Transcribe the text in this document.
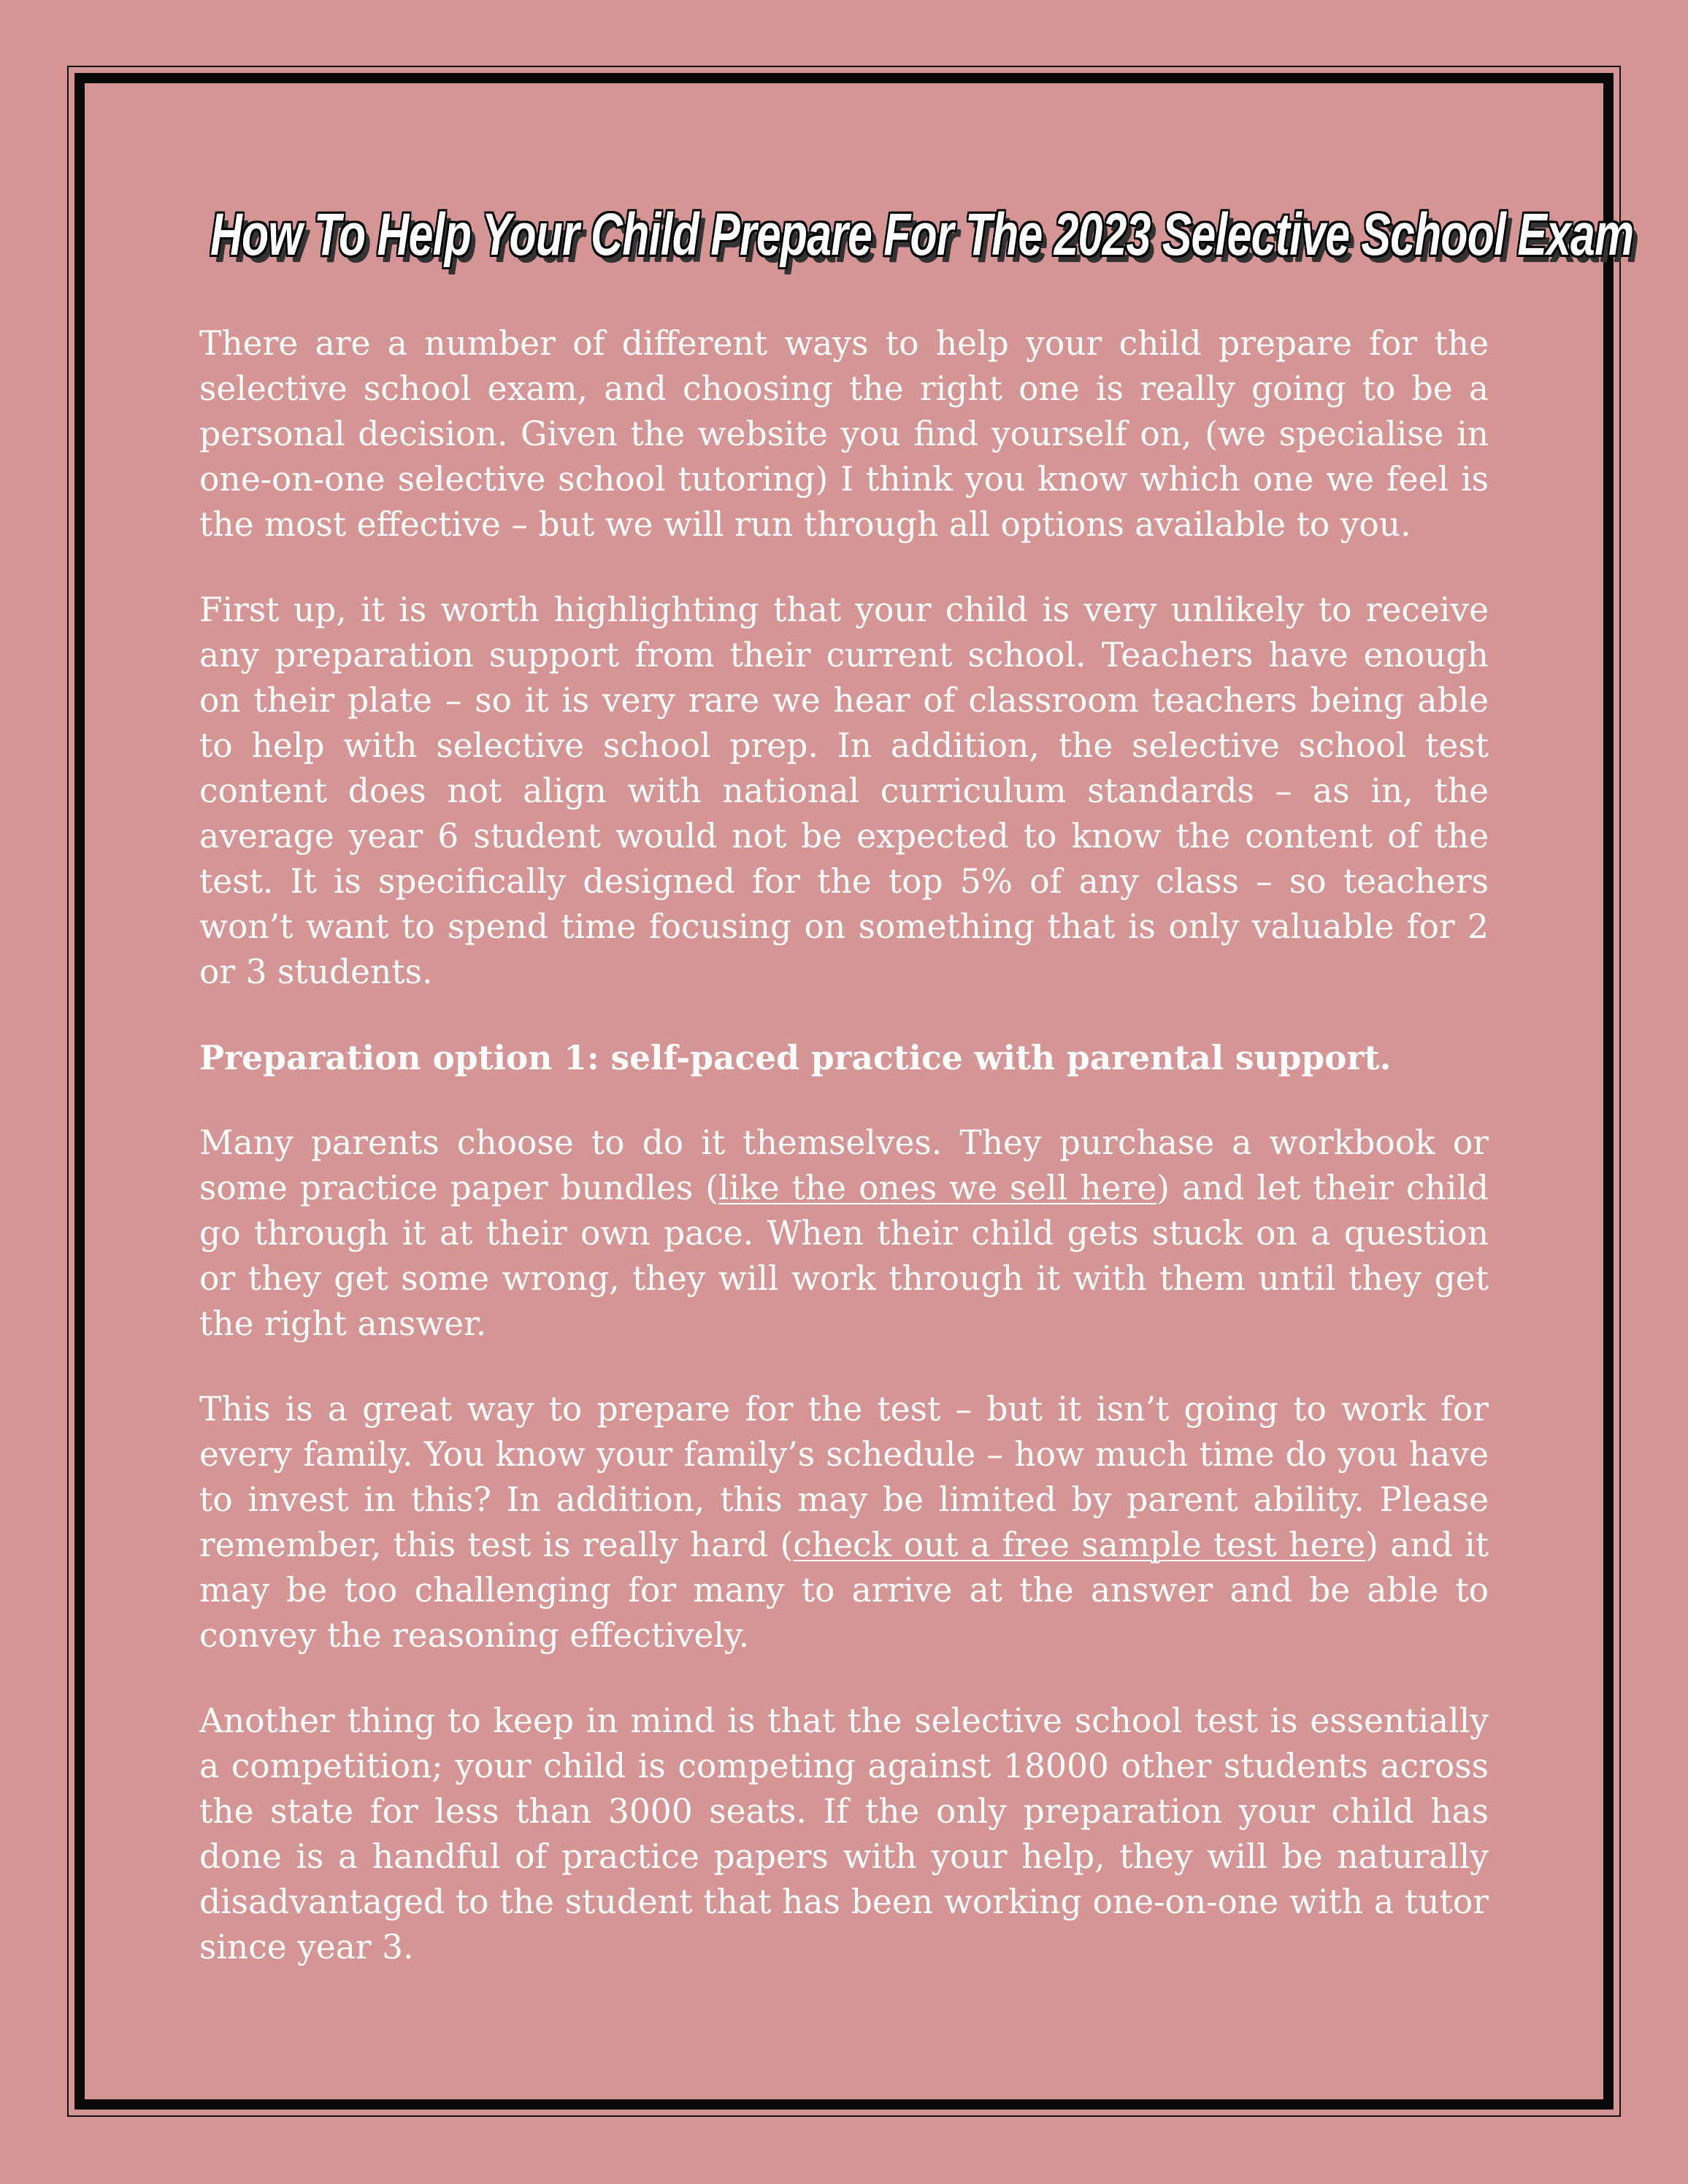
How To Help Your Child Prepare For The 2023 Selective School Exam

There are a number of different ways to help your child prepare for the selective school exam, and choosing the right one is really going to be a personal decision. Given the website you find yourself on, (we specialise in one-on-one selective school tutoring) I think you know which one we feel is the most effective – but we will run through all options available to you.

First up, it is worth highlighting that your child is very unlikely to receive any preparation support from their current school. Teachers have enough on their plate – so it is very rare we hear of classroom teachers being able to help with selective school prep. In addition, the selective school test content does not align with national curriculum standards – as in, the average year 6 student would not be expected to know the content of the test. It is specifically designed for the top 5% of any class – so teachers won’t want to spend time focusing on something that is only valuable for 2 or 3 students.

Preparation option 1: self-paced practice with parental support.

Many parents choose to do it themselves. They purchase a workbook or some practice paper bundles (like the ones we sell here) and let their child go through it at their own pace. When their child gets stuck on a question or they get some wrong, they will work through it with them until they get the right answer.

This is a great way to prepare for the test – but it isn’t going to work for every family. You know your family’s schedule – how much time do you have to invest in this? In addition, this may be limited by parent ability. Please remember, this test is really hard (check out a free sample test here) and it may be too challenging for many to arrive at the answer and be able to convey the reasoning effectively.

Another thing to keep in mind is that the selective school test is essentially a competition; your child is competing against 18000 other students across the state for less than 3000 seats. If the only preparation your child has done is a handful of practice papers with your help, they will be naturally disadvantaged to the student that has been working one-on-one with a tutor since year 3.
